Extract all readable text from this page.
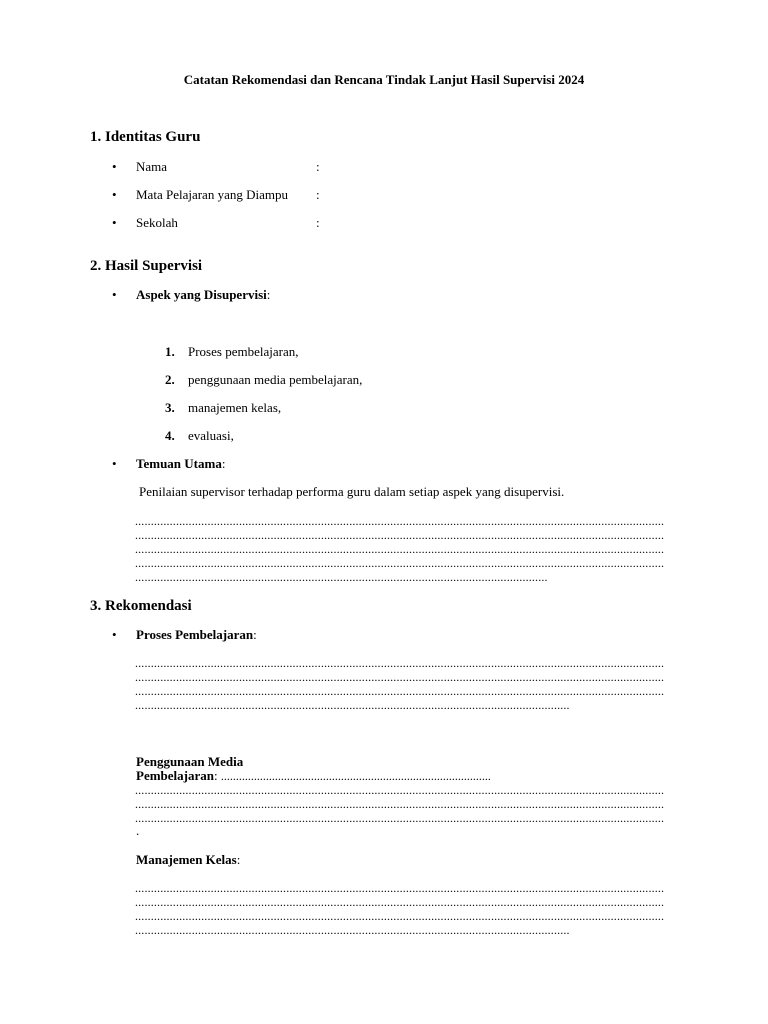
Catatan Rekomendasi dan Rencana Tindak Lanjut Hasil Supervisi 2024
1. Identitas Guru
• Nama	:
• Mata Pelajaran yang Diampu :
• Sekolah	:
2. Hasil Supervisi
• Aspek yang Disupervisi:
1. Proses pembelajaran,
2. penggunaan media pembelajaran,
3. manajemen kelas,
4. evaluasi,
• Temuan Utama:
Penilaian supervisor terhadap performa guru dalam setiap aspek yang disupervisi.
........................................................................................................................................................................
........................................................................................................................................................................
........................................................................................................................................................................
........................................................................................................................................................................
...................................................................................................................................
3. Rekomendasi
• Proses Pembelajaran:
........................................................................................................................................................................
........................................................................................................................................................................
........................................................................................................................................................................
..........................................................................................................................................
Penggunaan Media
Pembelajaran: ..........................................................................................
........................................................................................................................................................................
........................................................................................................................................................................
........................................................................................................................................................................
.
Manajemen Kelas:
........................................................................................................................................................................
........................................................................................................................................................................
........................................................................................................................................................................
..........................................................................................................................................
